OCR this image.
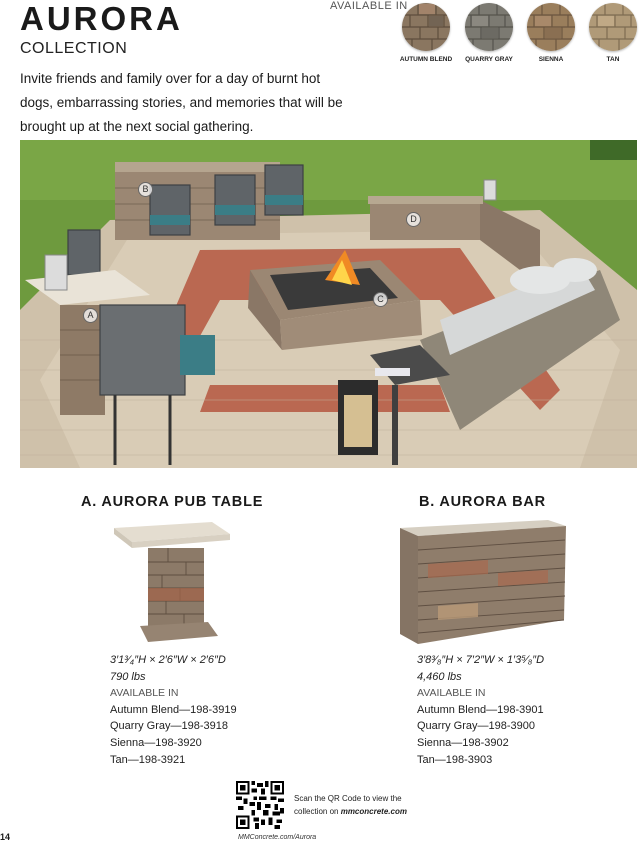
AURORA
COLLECTION
Invite friends and family over for a day of burnt hot dogs, embarrassing stories, and memories that will be brought up at the next social gathering.
AVAILABLE IN
AUTUMN BLEND	QUARRY GRAY	SIENNA	TAN
B
D
C
A
A. AURORA PUB TABLE
3′1³⁄₄″H × 2′6″W × 2′6″D
790 lbs
AVAILABLE IN
Autumn Blend—198-3919
Quarry Gray—198-3918
Sienna—198-3920
Tan—198-3921
B. AURORA BAR
3′8³⁄₈″H × 7′2″W × 1′3⁵⁄₈″D
4,460 lbs
AVAILABLE IN
Autumn Blend—198-3901
Quarry Gray—198-3900
Sienna—198-3902
Tan—198-3903
Scan the QR Code to view the
collection on mmconcrete.com
14	MMConcrete.com/Aurora
